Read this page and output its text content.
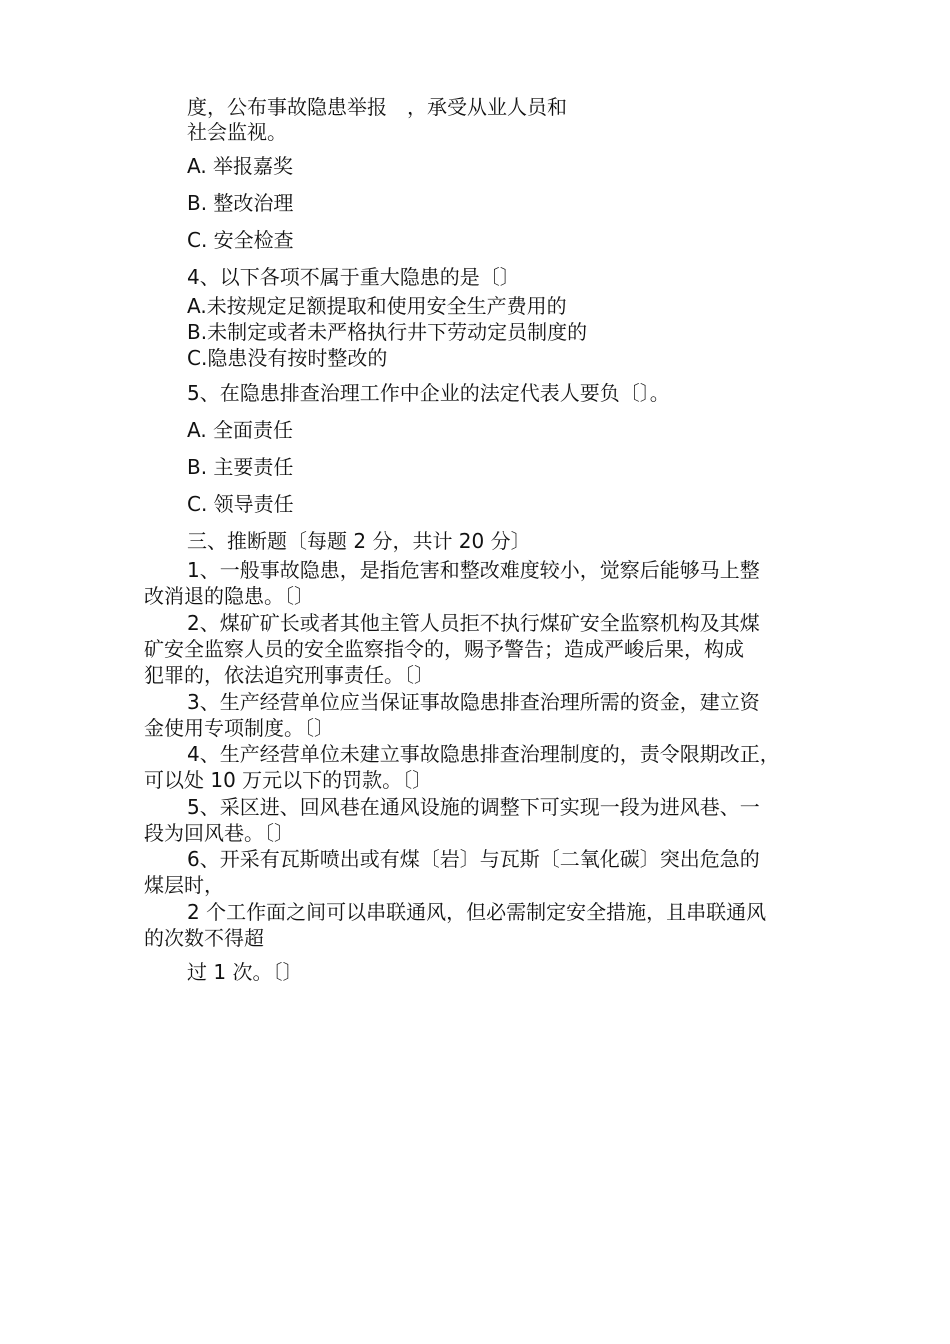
度，公布事故隐患举报　，承受从业人员和

社会监视。

A. 举报嘉奖

B. 整改治理

C. 安全检查

4、以下各项不属于重大隐患的是〔〕

A.未按规定足额提取和使用安全生产费用的

B.未制定或者未严格执行井下劳动定员制度的

C.隐患没有按时整改的

5、在隐患排查治理工作中企业的法定代表人要负〔〕。

A. 全面责任

B. 主要责任

C. 领导责任

三、推断题〔每题 2 分，共计 20 分〕

1、一般事故隐患，是指危害和整改难度较小，觉察后能够马上整

改消退的隐患。〔〕

2、煤矿矿长或者其他主管人员拒不执行煤矿安全监察机构及其煤

矿安全监察人员的安全监察指令的，赐予警告；造成严峻后果，构成

犯罪的，依法追究刑事责任。〔〕

3、生产经营单位应当保证事故隐患排查治理所需的资金，建立资

金使用专项制度。〔〕

4、生产经营单位未建立事故隐患排查治理制度的，责令限期改正，

可以处 10 万元以下的罚款。〔〕

5、采区进、回风巷在通风设施的调整下可实现一段为进风巷、一

段为回风巷。〔〕

6、开采有瓦斯喷出或有煤〔岩〕与瓦斯〔二氧化碳〕突出危急的

煤层时，

2 个工作面之间可以串联通风，但必需制定安全措施，且串联通风

的次数不得超

过 1 次。〔〕
